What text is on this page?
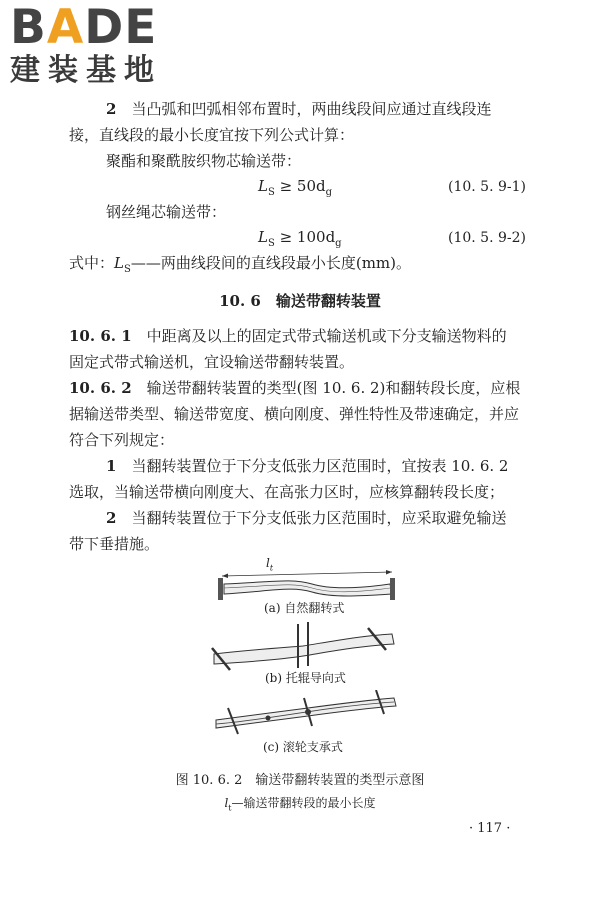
BADE
建装基地
2　 当凸弧和凹弧相邻布置时，两曲线段间应通过直线段连
接，直线段的最小长度宜按下列公式计算：
聚酯和聚酰胺织物芯输送带：
$L_S \ge 50d_g$	(10. 5. 9-1)
钢丝绳芯输送带：
$L_S \ge 100d_g$	(10. 5. 9-2)
式中：$L_S——$两曲线段间的直线段最小长度(mm)。
10. 6　输送带翻转装置
10. 6. 1　 中距离及以上的固定式带式输送机或下分支输送物料的
固定式带式输送机，宜设输送带翻转装置。
10. 6. 2　 输送带翻转装置的类型(图 10. 6. 2)和翻转段长度，应根
据输送带类型、输送带宽度、横向刚度、弹性特性及带速确定，并应
符合下列规定：
1　 当翻转装置位于下分支低张力区范围时，宜按表 10. 6. 2
选取，当输送带横向刚度大、在高张力区时，应核算翻转段长度；
2　 当翻转装置位于下分支低张力区范围时，应采取避免输送
带下垂措施。
$l_t$
(a) 自然翻转式
(b) 托辊导向式
(c) 滚轮支承式
图 10. 6. 2　输送带翻转装置的类型示意图
$l_t—$输送带翻转段的最小长度
· 117 ·
